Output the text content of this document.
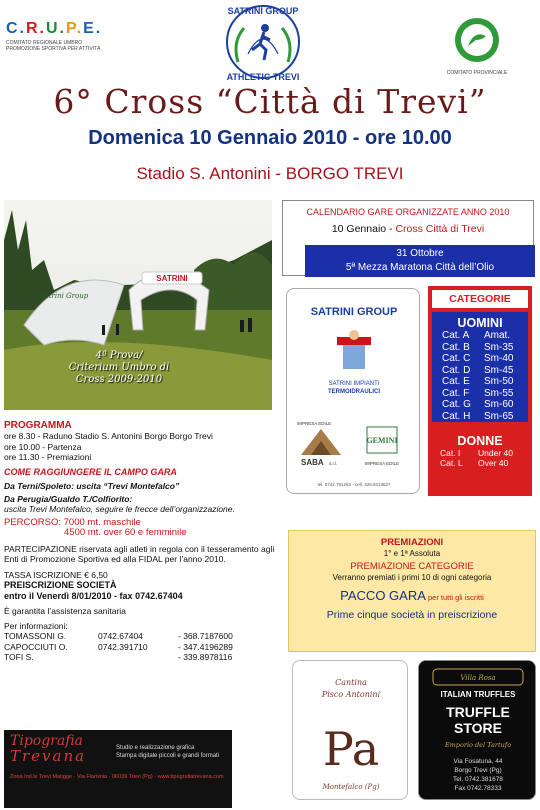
C.R.U.P.E.
COMITATO REGIONALE UMBRO
PROMOZIONE SPORTIVA PER ATTIVITÀ
SATRINI GROUP
ATHLETIC TREVI	COMITATO PROVINCIALE
6° Cross “Città di Trevi”
Domenica 10 Gennaio 2010 - ore 10.00
Stadio S. Antonini - BORGO TREVI
SATRINI
Satrini Group
4ª Prova/
Criterium Umbro di
Cross 2009-2010
CALENDARIO GARE ORGANIZZATE ANNO 2010
10 Gennaio - Cross Città di Trevi
31 Ottobre
5ª Mezza Maratona Città dell’Olio
SATRINI GROUP
SATRINI IMPIANTI
TERMOIDRAULICI
IMPRESA EDILE
SABA s.r.l.
GEMINI
IMPRESA EDILE
tel. 0742.781253 - cell. 328.9313627
CATEGORIE
UOMINI
Cat. A	Amat.
Cat. B	Sm-35
Cat. C	Sm-40
Cat. D	Sm-45
Cat. E	Sm-50
Cat. F	Sm-55
Cat. G	Sm-60
Cat. H	Sm-65
DONNE
Cat. I	Under 40
Cat. L	Over 40
PROGRAMMA
ore 8.30 - Raduno Stadio S. Antonini Borgo Borgo Trevi
ore 10.00 - Partenza
ore 11.30 - Premiazioni
COME RAGGIUNGERE IL CAMPO GARA
Da Terni/Spoleto: uscita “Trevi Montefalco”
Da Perugia/Gualdo T./Colfiorito:
uscita Trevi Montefalco, seguire le frecce dell’organizzazione.
PERCORSO: 7000 mt. maschile
4500 mt. over 60 e femminile
PARTECIPAZIONE riservata agli atleti in regola con il tesseramento agli Enti di Promozione Sportiva ed alla FIDAL per l’anno 2010.
TASSA ISCRIZIONE € 6,50
PREISCRIZIONE SOCIETÀ
entro il Venerdì 8/01/2010 - fax 0742.67404
È garantita l’assistenza sanitaria
Per informazioni:
TOMASSONI G.	0742.67404	- 368.7187600
CAPOCCIUTI O.	0742.391710	- 347.4196289
TOFI S.	- 339.8978116
Tipografia
Trevana	Studio e realizzazione grafica
Stampa digitale piccoli e grandi formati
Zona Ind.le Trevi Matigge · Via Flaminia · 06039 Trevi (Pg) · www.tipografiatrevana.com
PREMIAZIONI
1° e 1ª Assoluta
PREMIAZIONE CATEGORIE
Verranno premiati i primi 10 di ogni categoria
PACCO GARA per tutti gli iscritti
Prime cinque società in preiscrizione
Cantina
Pisco Antonini
Pa
Montefalco (Pg)
Villa Rosa
ITALIAN TRUFFLES
TRUFFLE
STORE
Emporio del Tartufo
Via Fosatuna, 44
Borgo Trevi (Pg)
Tel. 0742.381678
Fax 0742.78333
